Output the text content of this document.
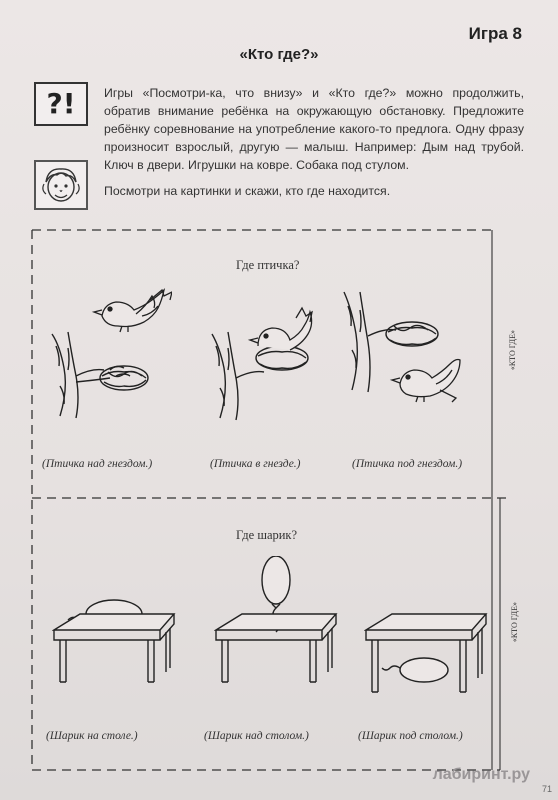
Игра 8
«Кто где?»
?!	Игры «Посмотри-ка, что внизу» и «Кто где?» можно продолжить, обратив внимание ребёнка на окружающую обстановку. Предложите ребёнку соревнование на употребление какого-то предлога. Одну фразу произносит взрослый, другую — малыш. Например: Дым над трубой. Ключ в двери. Игрушки на ковре. Собака под стулом.

Посмотри на картинки и скажи, кто где находится.

«КТО ГДЕ»
«КТО ГДЕ»
Где птичка?
(Птичка над гнездом.)	(Птичка в гнезде.)	(Птичка под гнездом.)
Где шарик?
(Шарик на столе.)	(Шарик над столом.)	(Шарик под столом.)
лабиринт.ру
71
